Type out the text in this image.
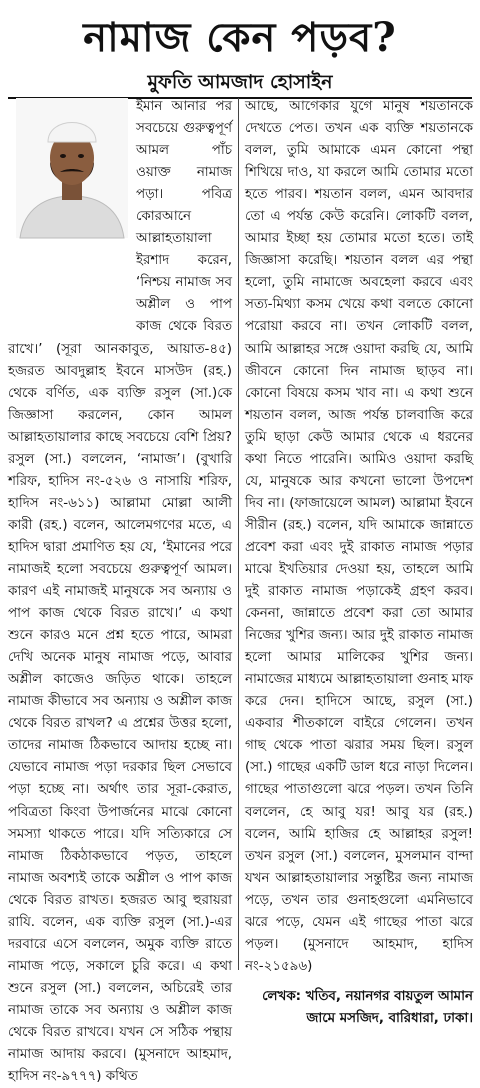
নামাজ কেন পড়ব?
মুফতি আমজাদ হোসাইন

ইমান আনার পর সবচেয়ে গুরুত্বপূর্ণ আমল পাঁচ ওয়াক্ত নামাজ পড়া। পবিত্র কোরআনে আল্লাহতায়ালা ইরশাদ করেন, ‘নিশ্চয় নামাজ সব অশ্লীল ও পাপ কাজ থেকে বিরত রাখে।’ (সূরা আনকাবুত, আয়াত-৪৫) হজরত আবদুল্লাহ ইবনে মাসউদ (রহ.) থেকে বর্ণিত, এক ব্যক্তি রসুল (সা.)কে জিজ্ঞাসা করলেন, কোন আমল আল্লাহতায়ালার কাছে সবচেয়ে বেশি প্রিয়? রসুল (সা.) বললেন, ‘নামাজ’। (বুখারি শরিফ, হাদিস নং-৫২৬ ও নাসায়ি শরিফ, হাদিস নং-৬১১) আল্লামা মোল্লা আলী কারী (রহ.) বলেন, আলেমগণের মতে, এ হাদিস দ্বারা প্রমাণিত হয় যে, ‘ইমানের পরে নামাজই হলো সবচেয়ে গুরুত্বপূর্ণ আমল। কারণ এই নামাজই মানুষকে সব অন্যায় ও পাপ কাজ থেকে বিরত রাখে।’ এ কথা শুনে কারও মনে প্রশ্ন হতে পারে, আমরা দেখি অনেক মানুষ নামাজ পড়ে, আবার অশ্লীল কাজেও জড়িত থাকে। তাহলে নামাজ কীভাবে সব অন্যায় ও অশ্লীল কাজ থেকে বিরত রাখল? এ প্রশ্নের উত্তর হলো, তাদের নামাজ ঠিকভাবে আদায় হচ্ছে না। যেভাবে নামাজ পড়া দরকার ছিল সেভাবে পড়া হচ্ছে না। অর্থাৎ তার সূরা-কেরাত, পবিত্রতা কিংবা উপার্জনের মাঝে কোনো সমস্যা থাকতে পারে। যদি সত্যিকারে সে নামাজ ঠিকঠাকভাবে পড়ত, তাহলে নামাজ অবশ্যই তাকে অশ্লীল ও পাপ কাজ থেকে বিরত রাখত। হজরত আবু হুরায়রা রাযি. বলেন, এক ব্যক্তি রসুল (সা.)-এর দরবারে এসে বললেন, অমুক ব্যক্তি রাতে নামাজ পড়ে, সকালে চুরি করে। এ কথা শুনে রসুল (সা.) বললেন, অচিরেই তার নামাজ তাকে সব অন্যায় ও অশ্লীল কাজ থেকে বিরত রাখবে। যখন সে সঠিক পন্থায় নামাজ আদায় করবে। (মুসনাদে আহমাদ, হাদিস নং-৯৭৭৭) কথিত

আছে, আগেকার যুগে মানুষ শয়তানকে দেখতে পেত। তখন এক ব্যক্তি শয়তানকে বলল, তুমি আমাকে এমন কোনো পন্থা শিখিয়ে দাও, যা করলে আমি তোমার মতো হতে পারব। শয়তান বলল, এমন আবদার তো এ পর্যন্ত কেউ করেনি। লোকটি বলল, আমার ইচ্ছা হয় তোমার মতো হতে। তাই জিজ্ঞাসা করেছি। শয়তান বলল এর পন্থা হলো, তুমি নামাজে অবহেলা করবে এবং সত্য-মিথ্যা কসম খেয়ে কথা বলতে কোনো পরোয়া করবে না। তখন লোকটি বলল, আমি আল্লাহর সঙ্গে ওয়াদা করছি যে, আমি জীবনে কোনো দিন নামাজ ছাড়ব না। কোনো বিষয়ে কসম খাব না। এ কথা শুনে শয়তান বলল, আজ পর্যন্ত চালবাজি করে তুমি ছাড়া কেউ আমার থেকে এ ধরনের কথা নিতে পারেনি। আমিও ওয়াদা করছি যে, মানুষকে আর কখনো ভালো উপদেশ দিব না। (ফাজায়েলে আমল) আল্লামা ইবনে সীরীন (রহ.) বলেন, যদি আমাকে জান্নাতে প্রবেশ করা এবং দুই রাকাত নামাজ পড়ার মাঝে ইখতিয়ার দেওয়া হয়, তাহলে আমি দুই রাকাত নামাজ পড়াকেই গ্রহণ করব। কেননা, জান্নাতে প্রবেশ করা তো আমার নিজের খুশির জন্য। আর দুই রাকাত নামাজ হলো আমার মালিকের খুশির জন্য। নামাজের মাধ্যমে আল্লাহতায়ালা গুনাহ মাফ করে দেন। হাদিসে আছে, রসুল (সা.) একবার শীতকালে বাইরে গেলেন। তখন গাছ থেকে পাতা ঝরার সময় ছিল। রসুল (সা.) গাছের একটি ডাল ধরে নাড়া দিলেন। গাছের পাতাগুলো ঝরে পড়ল। তখন তিনি বললেন, হে আবু যর! আবু যর (রহ.) বলেন, আমি হাজির হে আল্লাহর রসুল! তখন রসুল (সা.) বললেন, মুসলমান বান্দা যখন আল্লাহতায়ালার সন্তুষ্টির জন্য নামাজ পড়ে, তখন তার গুনাহগুলো এমনিভাবে ঝরে পড়ে, যেমন এই গাছের পাতা ঝরে পড়ল। (মুসনাদে আহমাদ, হাদিস নং-২১৫৯৬)

লেখক: খতিব, নয়ানগর বায়তুল আমান জামে মসজিদ, বারিধারা, ঢাকা।
